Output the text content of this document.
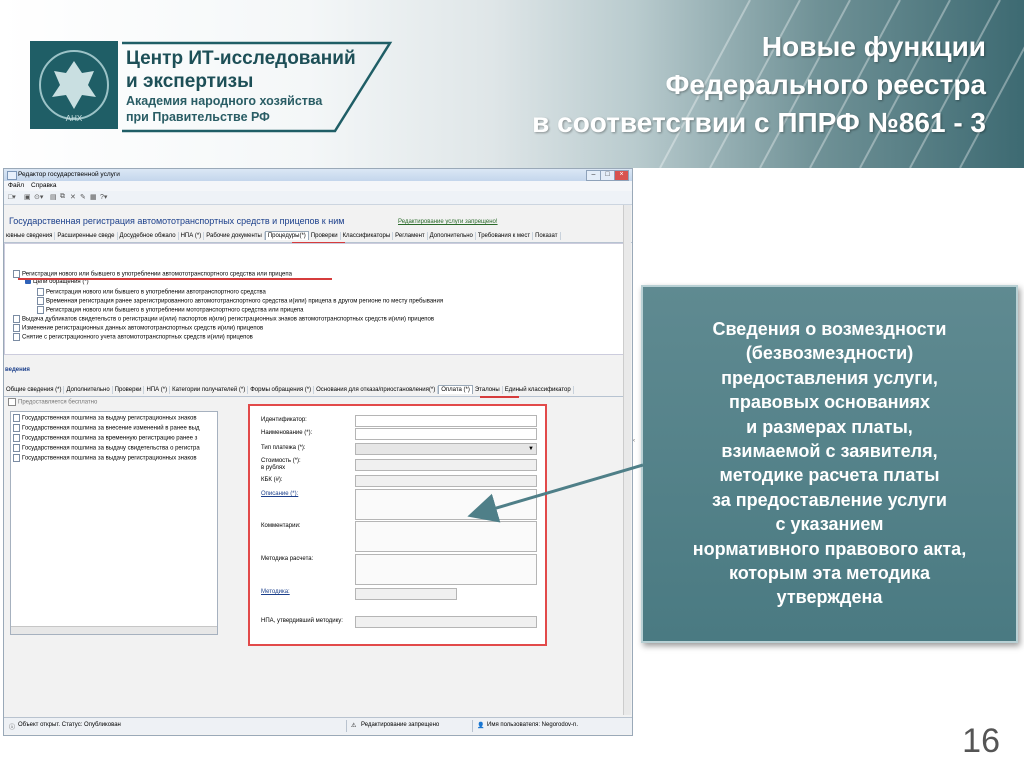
АНХ
Центр ИТ-исследований
и экспертизы
Академия народного хозяйства
при Правительстве РФ
Новые функции
Федерального реестра
в соответствии с ППРФ №861 - 3
Редактор государственной услуги	–	□	×
Файл Справка
□▾ ▣ ⊙▾ ▤ ⧉ ✕ ✎ ▦ ?▾
Государственная регистрация автомототранспортных средств и прицепов к ним	Редактирование услуги запрещено!
ювные сведения Расширенные сведе Досудебное обжало НПА (*) Рабочие документы Процедуры(*) Проверки Классификаторы Регламент Дополнительно Требования к мест Показат
Регистрация нового или бывшего в употреблении автомототранспортного средства или прицепа
Цели обращения (*)
Регистрация нового или бывшего в употреблении автотранспортного средства
Временная регистрация ранее зарегистрированного автомототранспортного средства и(или) прицепа в другом регионе по месту пребывания
Регистрация нового или бывшего в употреблении мототранспортного средства или прицепа
Выдача дубликатов свидетельств о регистрации и(или) паспортов и(или) регистрационных знаков автомототранспортных средств и(или) прицепов
Изменение регистрационных данных автомототранспортных средств и(или) прицепов
Снятие с регистрационного учета автомототранспортных средств и(или) прицепов
ведения
Общие сведения (*) Дополнительно Проверки НПА (*) Категории получателей (*) Формы обращения (*) Основания для отказа/приостановления(*) Оплата (*) Эталоны Единый классификатор
Предоставляется бесплатно
Государственная пошлина за выдачу регистрационных знаков
Государственная пошлина за внесение изменений в ранее выд
Государственная пошлина за временную регистрацию ранее з
Государственная пошлина за выдачу свидетельства о регистра
Государственная пошлина за выдачу регистрационных знаков
Идентификатор:
Наименование (*):
Тип платежа (*):	▼
Стоимость (*):
в рублях
КБК (#):
Описание (*):
Комментарии:
Методика расчета:
Методика:
НПА, утвердивший методику:
ⓘ Объект открыт. Статус: Опубликован	⚠ Редактирование запрещено	👤 Имя пользователя: Negorodov-n.
‹
Сведения о возмездности
(безвозмездности)
предоставления услуги,
правовых основаниях
и размерах платы,
взимаемой с заявителя,
методике расчета платы
за предоставление услуги
с указанием
нормативного правового акта,
которым эта методика
утверждена
16
